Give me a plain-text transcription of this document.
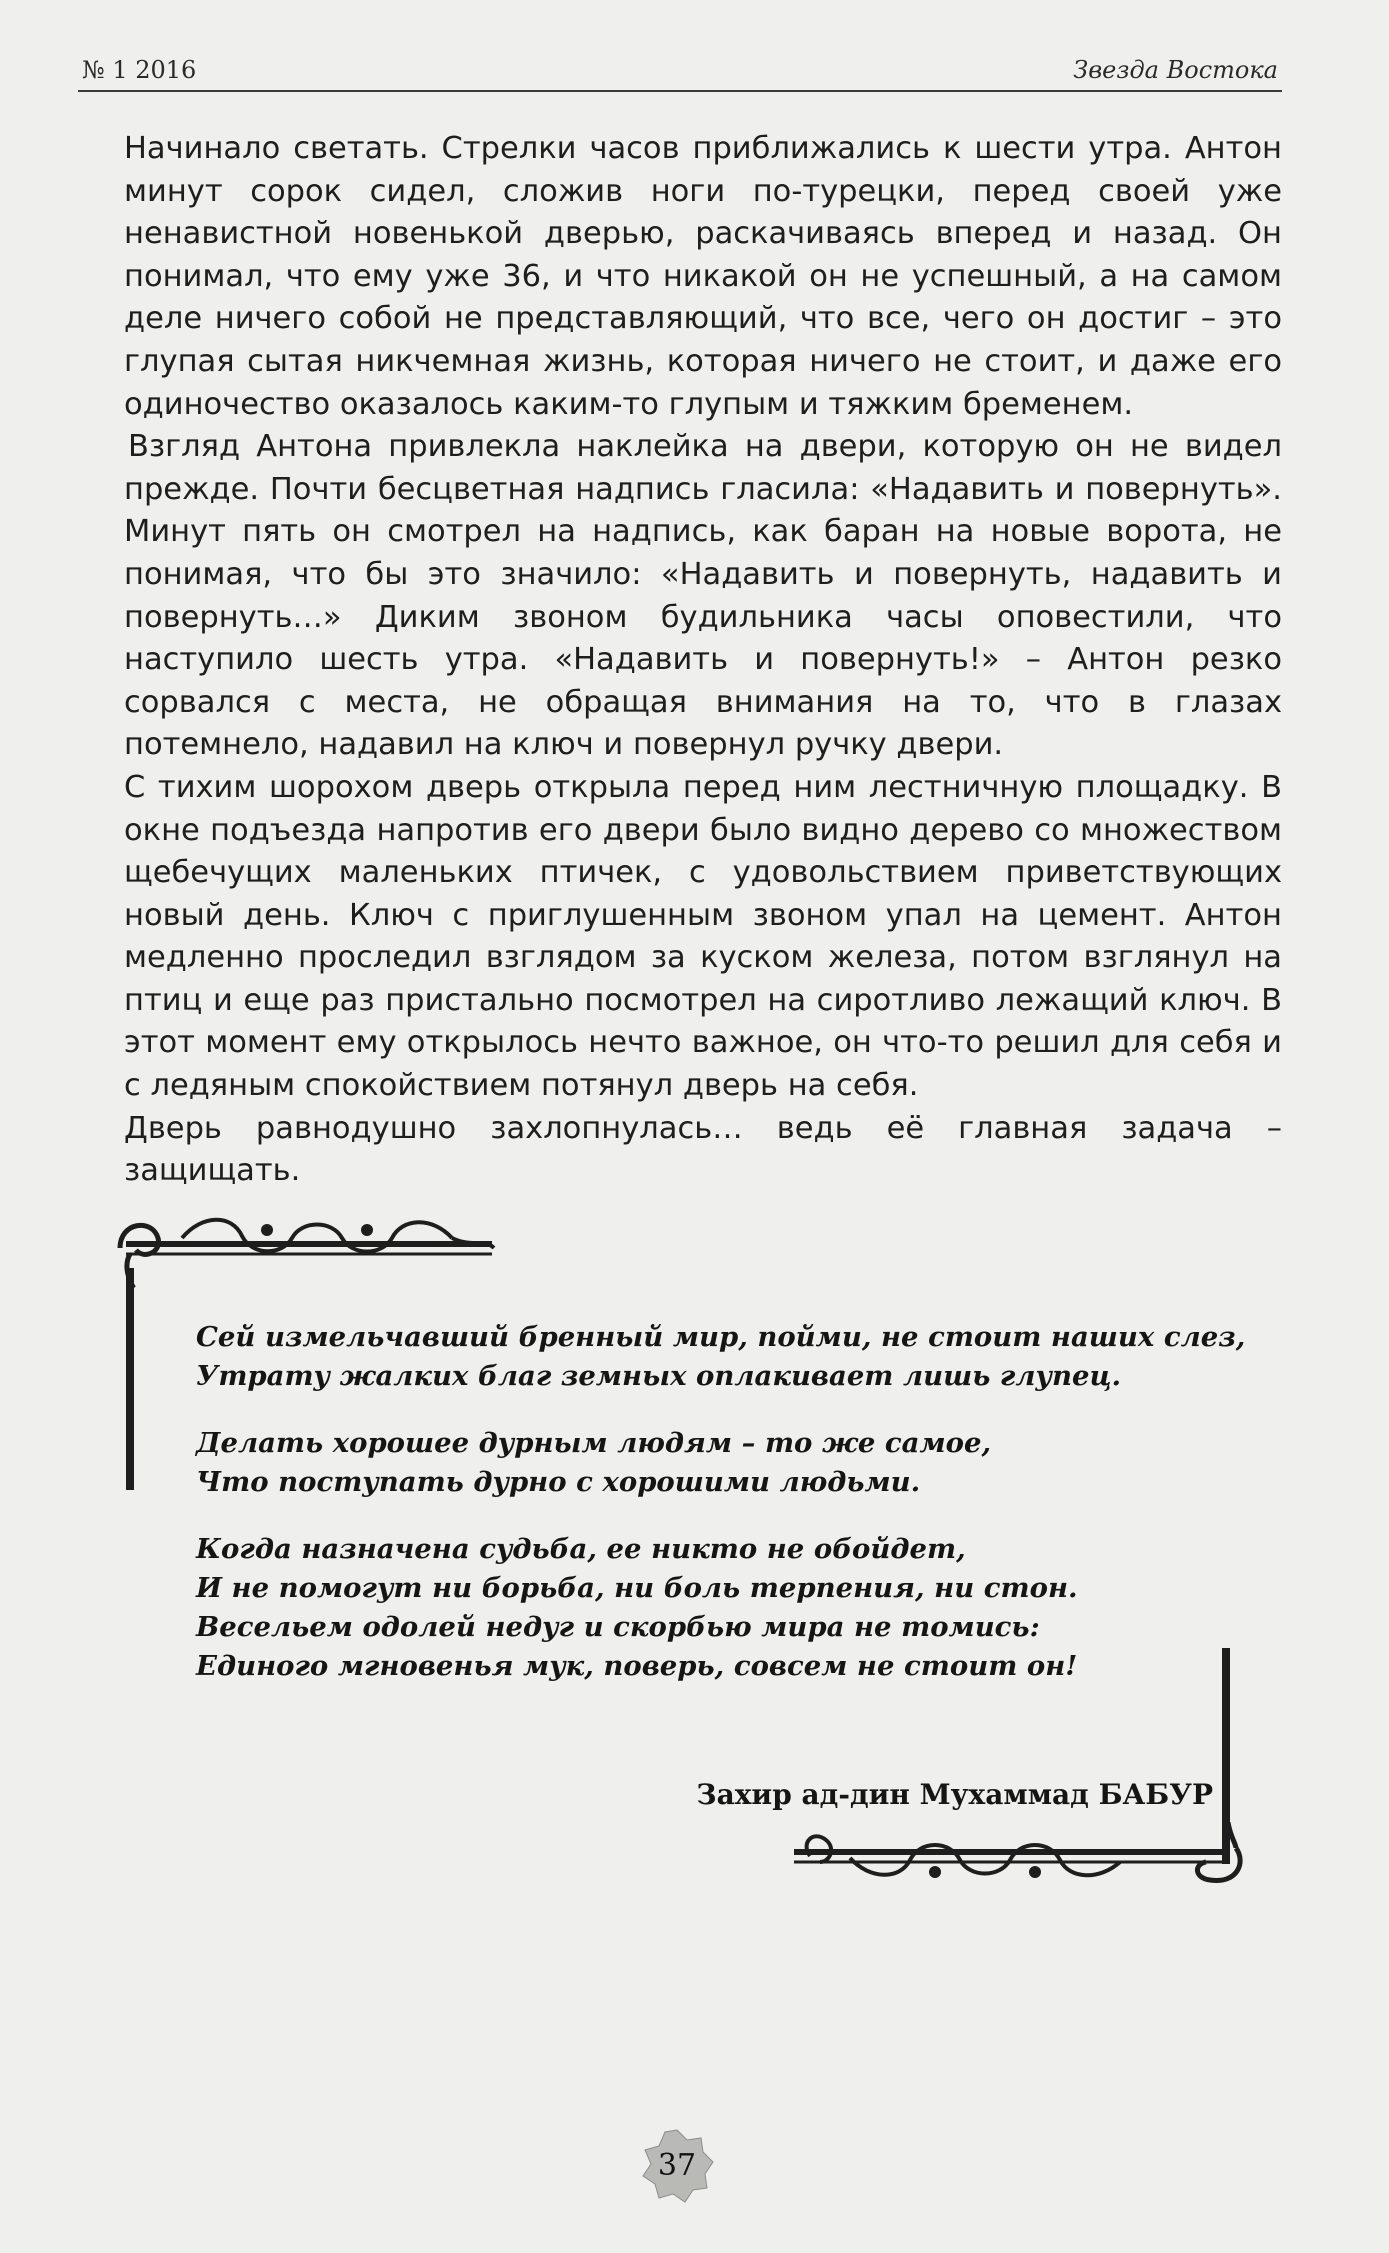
№ 1 2016	Звезда Востока

Начинало светать. Стрелки часов приближались к шести утра. Антон минут сорок сидел, сложив ноги по-турецки, перед своей уже ненавистной новенькой дверью, раскачиваясь вперед и назад. Он понимал, что ему уже 36, и что никакой он не успешный, а на самом деле ничего собой не представляющий, что все, чего он достиг – это глупая сытая никчемная жизнь, которая ничего не стоит, и даже его одиночество оказалось каким-то глупым и тяжким бременем.

Взгляд Антона привлекла наклейка на двери, которую он не видел прежде. Почти бесцветная надпись гласила: «Надавить и повернуть». Минут пять он смотрел на надпись, как баран на новые ворота, не понимая, что бы это значило: «Надавить и повернуть, надавить и повернуть…» Диким звоном будильника часы оповестили, что наступило шесть утра. «Надавить и повернуть!» – Антон резко сорвался с места, не обращая внимания на то, что в глазах потемнело, надавил на ключ и повернул ручку двери.

С тихим шорохом дверь открыла перед ним лестничную площадку. В окне подъезда напротив его двери было видно дерево со множеством щебечущих маленьких птичек, с удовольствием приветствующих новый день. Ключ с приглушенным звоном упал на цемент. Антон медленно проследил взглядом за куском железа, потом взглянул на птиц и еще раз пристально посмотрел на сиротливо лежащий ключ. В этот момент ему открылось нечто важное, он что-то решил для себя и с ледяным спокойствием потянул дверь на себя.

Дверь равнодушно захлопнулась… ведь её главная задача – защищать.

Сей измельчавший бренный мир, пойми, не стоит наших слез,
Утрату жалких благ земных оплакивает лишь глупец.
Делать хорошее дурным людям – то же самое,
Что поступать дурно с хорошими людьми.
Когда назначена судьба, ее никто не обойдет,
И не помогут ни борьба, ни боль терпения, ни стон.
Весельем одолей недуг и скорбью мира не томись:
Единого мгновенья мук, поверь, совсем не стоит он!
Захир ад-дин Мухаммад БАБУР
37
